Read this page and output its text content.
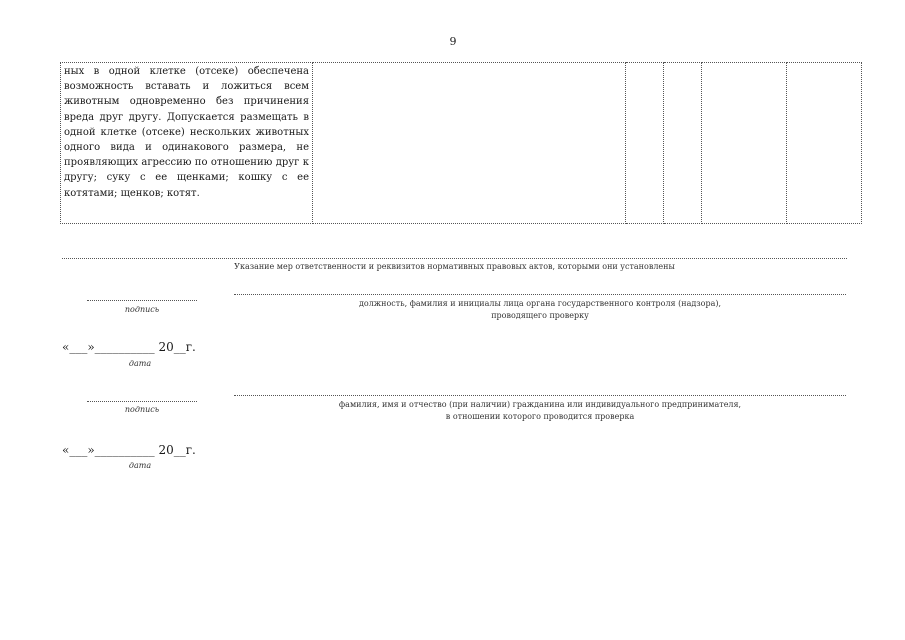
9
ных в одной клетке (отсеке) обеспечена возможность вставать и ложиться всем животным одновременно без причинения вреда друг другу. Допускается размещать в одной клетке (отсеке) нескольких животных одного вида и одинакового размера, не проявляющих агрессию по отношению друг к другу; суку с ее щенками; кошку с ее котятами; щенков; котят.

Указание мер ответственности и реквизитов нормативных правовых актов, которыми они установлены
подпись
должность, фамилия и инициалы лица органа государственного контроля (надзора),
проводящего проверку
«___»__________ 20__г.
дата
подпись
фамилия, имя и отчество (при наличии) гражданина или индивидуального предпринимателя,
в отношении которого проводится проверка
«___»__________ 20__г.
дата
